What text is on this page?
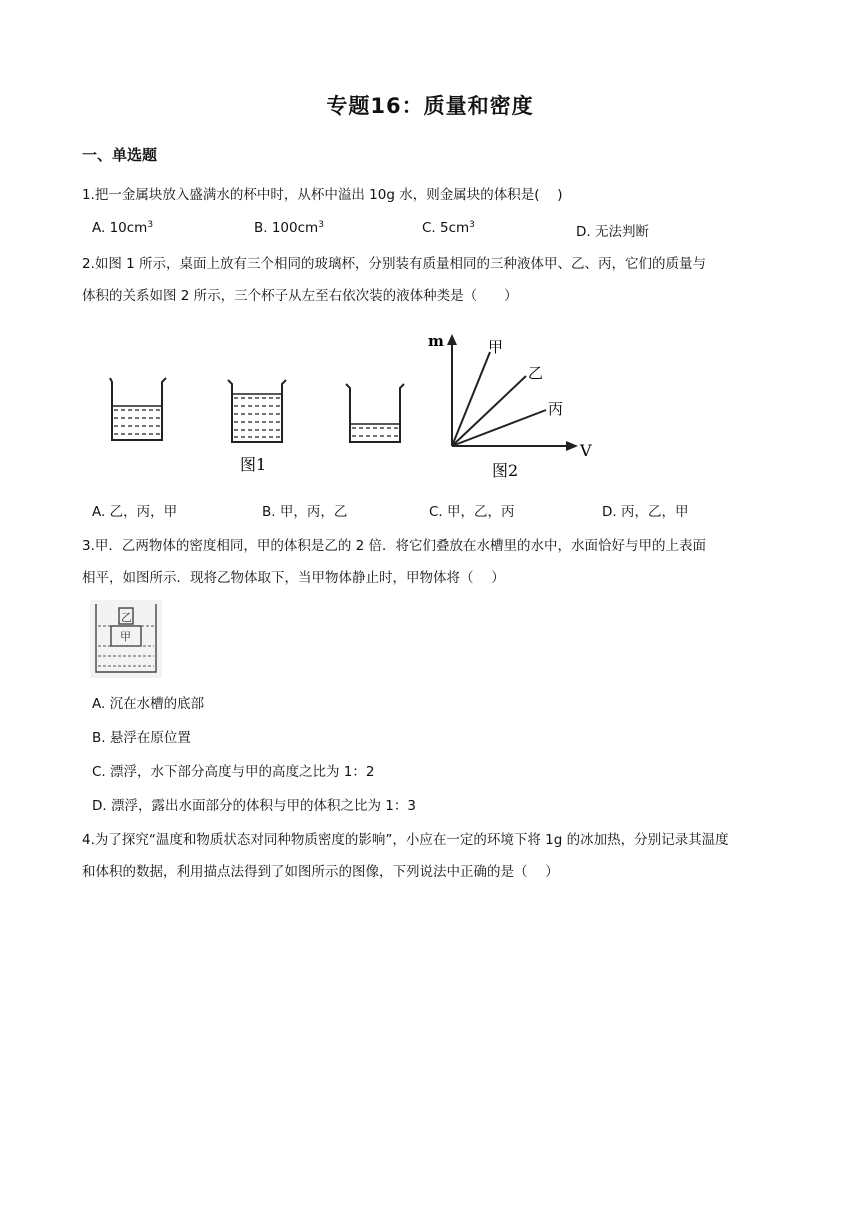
专题16：质量和密度
一、单选题
1.把一金属块放入盛满水的杯中时，从杯中溢出 10g 水，则金属块的体积是(　 )
A. $10cm^3$	B. $100cm^3$	C. $5cm^3$	D. 无法判断
2.如图 1 所示，桌面上放有三个相同的玻璃杯，分别装有质量相同的三种液体甲、乙、丙，它们的质量与
体积的关系如图 2 所示，三个杯子从左至右依次装的液体种类是（　　）
图1
m
V
甲
乙
丙
图2
A. 乙，丙，甲	B. 甲，丙，乙	C. 甲，乙，丙	D. 丙，乙，甲
3.甲．乙两物体的密度相同，甲的体积是乙的 2 倍．将它们叠放在水槽里的水中，水面恰好与甲的上表面
相平，如图所示．现将乙物体取下，当甲物体静止时，甲物体将（　 ）
乙
甲
A. 沉在水槽的底部
B. 悬浮在原位置
C. 漂浮，水下部分高度与甲的高度之比为 1：2
D. 漂浮，露出水面部分的体积与甲的体积之比为 1：3
4.为了探究“温度和物质状态对同种物质密度的影响”，小应在一定的环境下将 1g 的冰加热，分别记录其温度
和体积的数据，利用描点法得到了如图所示的图像，下列说法中正确的是（　 ）
